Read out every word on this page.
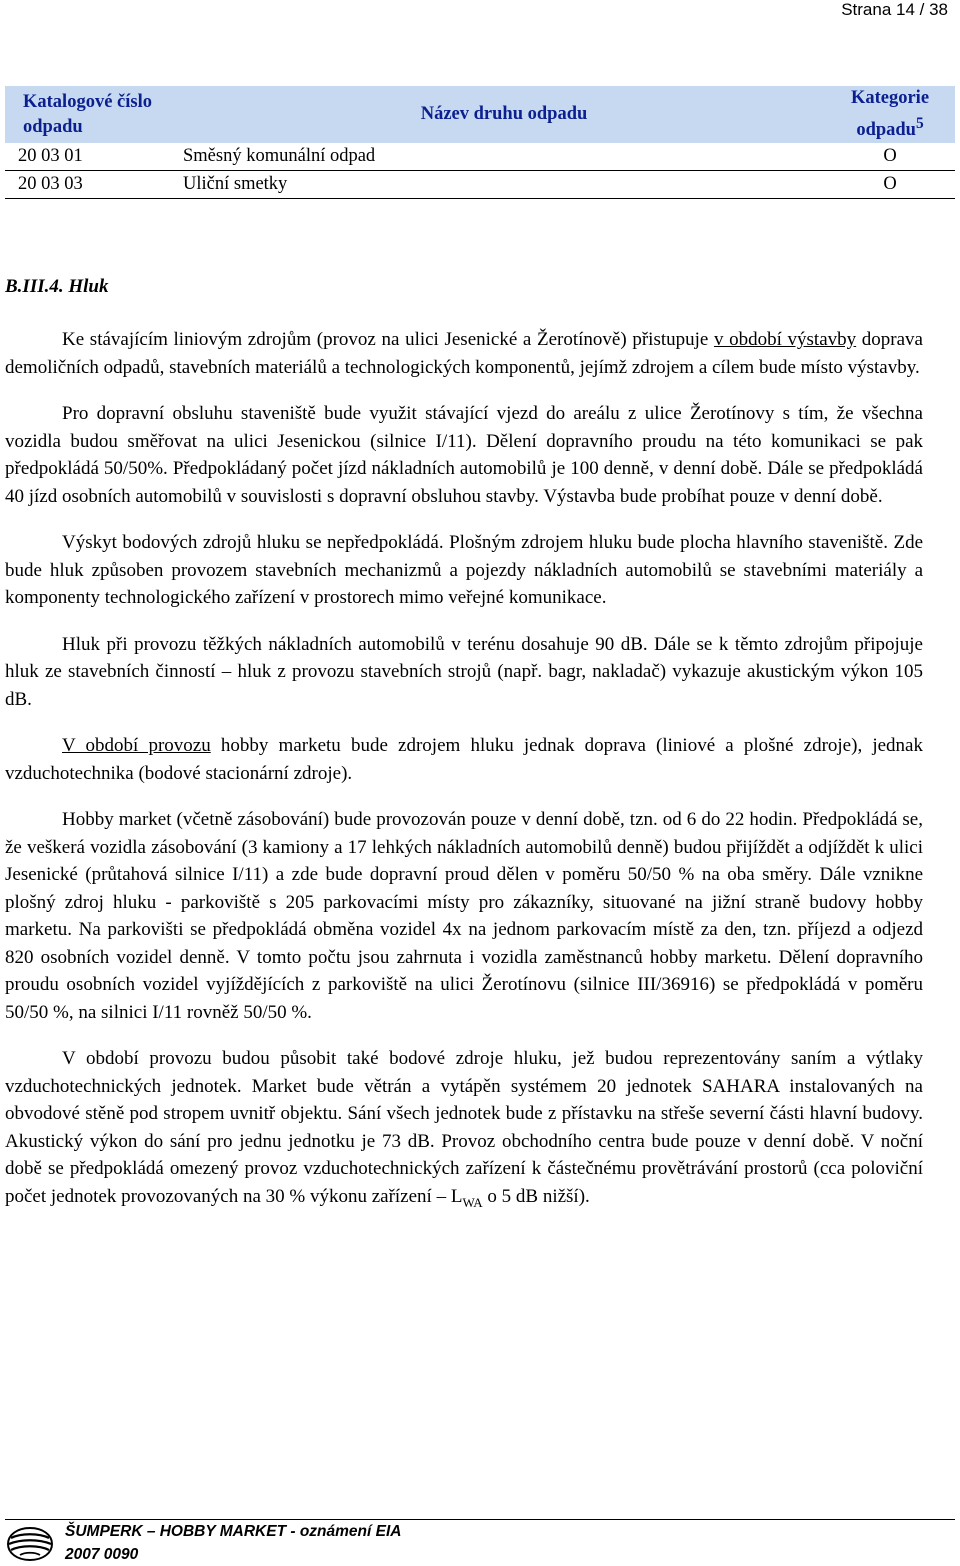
Strana 14 / 38
Katalogové číslo odpadu	Název druhu odpadu	Kategorie odpadu$^5$
20 03 01	Směsný komunální odpad	O
20 03 03	Uliční smetky	O
B.III.4. Hluk

Ke stávajícím liniovým zdrojům (provoz na ulici Jesenické a Žerotínově) přistupuje v období výstavby doprava demoličních odpadů, stavebních materiálů a technologických komponentů, jejímž zdrojem a cílem bude místo výstavby.

Pro dopravní obsluhu staveniště bude využit stávající vjezd do areálu z ulice Žerotínovy s tím, že všechna vozidla budou směřovat na ulici Jesenickou (silnice I/11). Dělení dopravního proudu na této komunikaci se pak předpokládá 50/50%. Předpokládaný počet jízd nákladních automobilů je 100 denně, v denní době. Dále se předpokládá 40 jízd osobních automobilů v souvislosti s dopravní obsluhou stavby. Výstavba bude probíhat pouze v denní době.

Výskyt bodových zdrojů hluku se nepředpokládá. Plošným zdrojem hluku bude plocha hlavního staveniště. Zde bude hluk způsoben provozem stavebních mechanizmů a pojezdy nákladních automobilů se stavebními materiály a komponenty technologického zařízení v prostorech mimo veřejné komunikace.

Hluk při provozu těžkých nákladních automobilů v terénu dosahuje 90 dB. Dále se k těmto zdrojům připojuje hluk ze stavebních činností – hluk z provozu stavebních strojů (např. bagr, nakladač) vykazuje akustickým výkon 105 dB.

V období provozu hobby marketu bude zdrojem hluku jednak doprava (liniové a plošné zdroje), jednak vzduchotechnika (bodové stacionární zdroje).

Hobby market (včetně zásobování) bude provozován pouze v denní době, tzn. od 6 do 22 hodin. Předpokládá se, že veškerá vozidla zásobování (3 kamiony a 17 lehkých nákladních automobilů denně) budou přijíždět a odjíždět k ulici Jesenické (průtahová silnice I/11) a zde bude dopravní proud dělen v poměru 50/50 % na oba směry. Dále vznikne plošný zdroj hluku - parkoviště s 205 parkovacími místy pro zákazníky, situované na jižní straně budovy hobby marketu. Na parkovišti se předpokládá obměna vozidel 4x na jednom parkovacím místě za den, tzn. příjezd a odjezd 820 osobních vozidel denně. V tomto počtu jsou zahrnuta i vozidla zaměstnanců hobby marketu. Dělení dopravního proudu osobních vozidel vyjíždějících z parkoviště na ulici Žerotínovu (silnice III/36916) se předpokládá v poměru 50/50 %, na silnici I/11 rovněž 50/50 %.

V období provozu budou působit také bodové zdroje hluku, jež budou reprezentovány saním a výtlaky vzduchotechnických jednotek. Market bude větrán a vytápěn systémem 20 jednotek SAHARA instalovaných na obvodové stěně pod stropem uvnitř objektu. Sání všech jednotek bude z přístavku na střeše severní části hlavní budovy. Akustický výkon do sání pro jednu jednotku je 73 dB. Provoz obchodního centra bude pouze v denní době. V noční době se předpokládá omezený provoz vzduchotechnických zařízení k částečnému provětrávání prostorů (cca poloviční počet jednotek provozovaných na 30 % výkonu zařízení – $L_{WA}$ o 5 dB nižší).

ŠUMPERK – HOBBY MARKET - oznámení EIA
2007 0090
